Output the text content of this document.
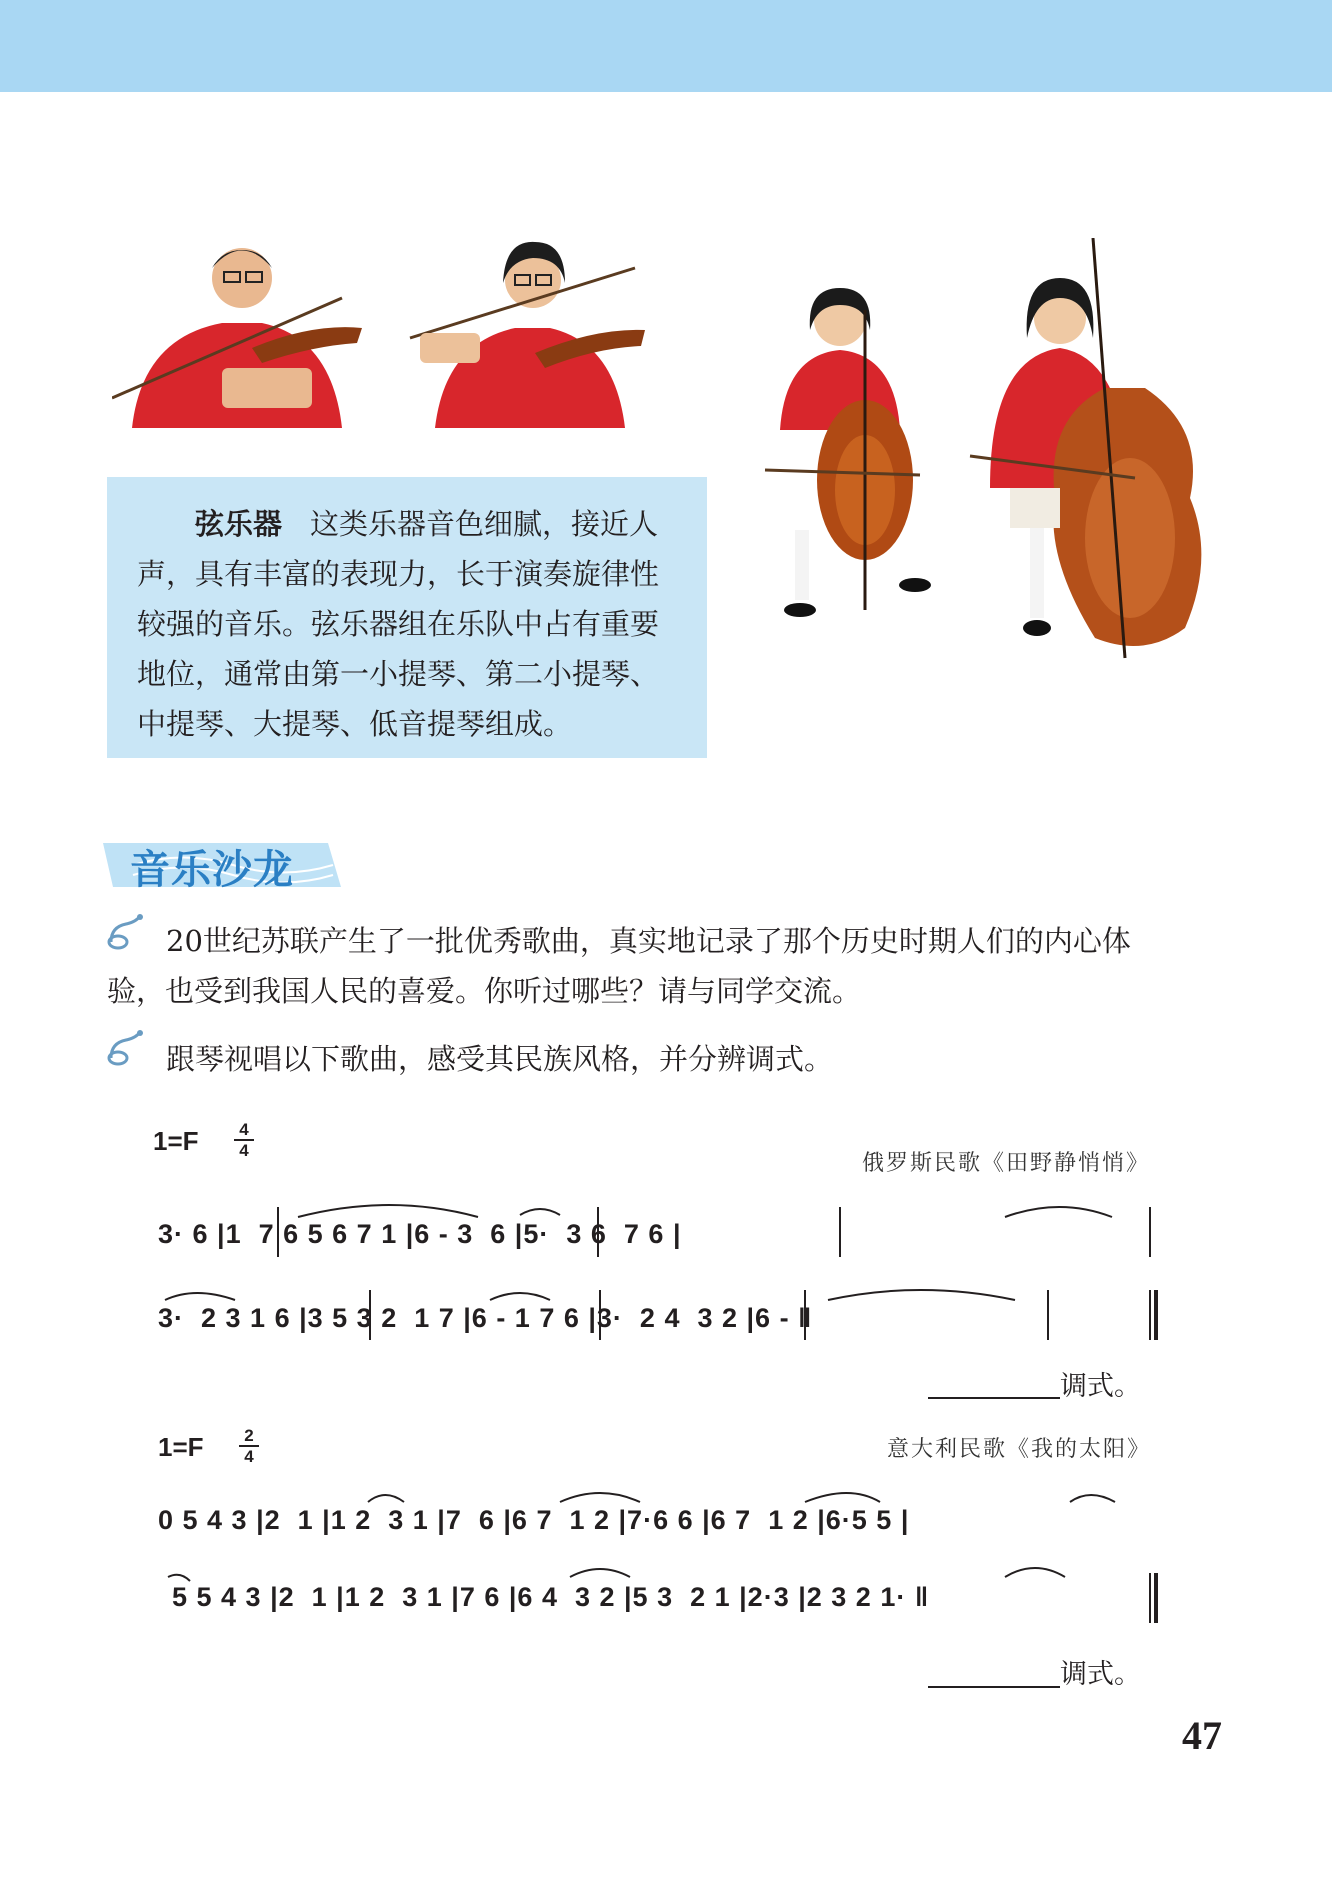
弦乐器 这类乐器音色细腻，接近人

声，具有丰富的表现力，长于演奏旋律性
较强的音乐。弦乐器组在乐队中占有重要
地位，通常由第一小提琴、第二小提琴、
中提琴、大提琴、低音提琴组成。
音乐沙龙
20世纪苏联产生了一批优秀歌曲，真实地记录了那个历史时期人们的内心体
验，也受到我国人民的喜爱。你听过哪些？请与同学交流。
跟琴视唱以下歌曲，感受其民族风格，并分辨调式。
1=F	4
4
俄罗斯民歌《田野静悄悄》
3· 6 |1  7 6 5 6 7 1 |6 - 3  6 |5·  3 6  7 6 |
3·  2 3 1 6 |3 5 3 2  1 7 |6 - 1 7 6 |3·  2 4  3 2 |6 - ‖
调式。
1=F	2
4	意大利民歌《我的太阳》
0 5 4 3 |2  1 |1 2  3 1 |7  6 |6 7  1 2 |7·6 6 |6 7  1 2 |6·5 5 |
5 5 4 3 |2  1 |1 2  3 1 |7 6 |6 4  3 2 |5 3  2 1 |2·3 |2 3 2 1· ‖
调式。
47
